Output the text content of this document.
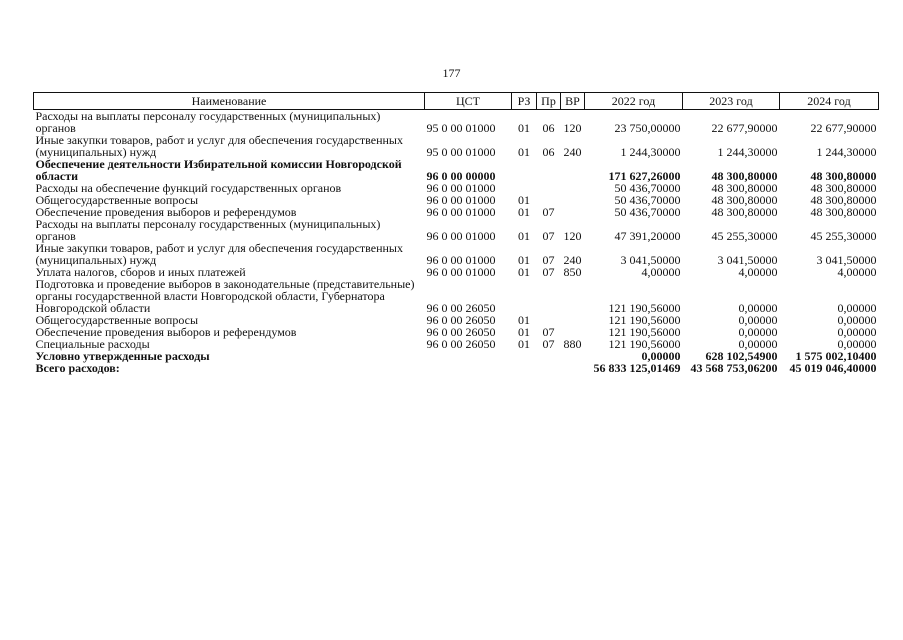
177
Наименование	ЦСТ	РЗ	Пр	ВР	2022 год	2023 год	2024 год
Расходы на выплаты персоналу государственных (муниципальных) органов	95 0 00 01000	01	06	120	23 750,00000	22 677,90000	22 677,90000
Иные закупки товаров, работ и услуг для обеспечения государственных (муниципальных) нужд	95 0 00 01000	01	06	240	1 244,30000	1 244,30000	1 244,30000
Обеспечение деятельности Избирательной комиссии Новгородской области	96 0 00 00000				171 627,26000	48 300,80000	48 300,80000
Расходы на обеспечение функций государственных органов	96 0 00 01000				50 436,70000	48 300,80000	48 300,80000
Общегосударственные вопросы	96 0 00 01000	01			50 436,70000	48 300,80000	48 300,80000
Обеспечение проведения выборов и референдумов	96 0 00 01000	01	07		50 436,70000	48 300,80000	48 300,80000
Расходы на выплаты персоналу государственных (муниципальных) органов	96 0 00 01000	01	07	120	47 391,20000	45 255,30000	45 255,30000
Иные закупки товаров, работ и услуг для обеспечения государственных (муниципальных) нужд	96 0 00 01000	01	07	240	3 041,50000	3 041,50000	3 041,50000
Уплата налогов, сборов и иных платежей	96 0 00 01000	01	07	850	4,00000	4,00000	4,00000
Подготовка и проведение выборов в законодательные (представительные) органы государственной власти Новгородской области, Губернатора Новгородской области	96 0 00 26050				121 190,56000	0,00000	0,00000
Общегосударственные вопросы	96 0 00 26050	01			121 190,56000	0,00000	0,00000
Обеспечение проведения выборов и референдумов	96 0 00 26050	01	07		121 190,56000	0,00000	0,00000
Специальные расходы	96 0 00 26050	01	07	880	121 190,56000	0,00000	0,00000
Условно утвержденные расходы					0,00000	628 102,54900	1 575 002,10400
Всего расходов:					56 833 125,01469	43 568 753,06200	45 019 046,40000
